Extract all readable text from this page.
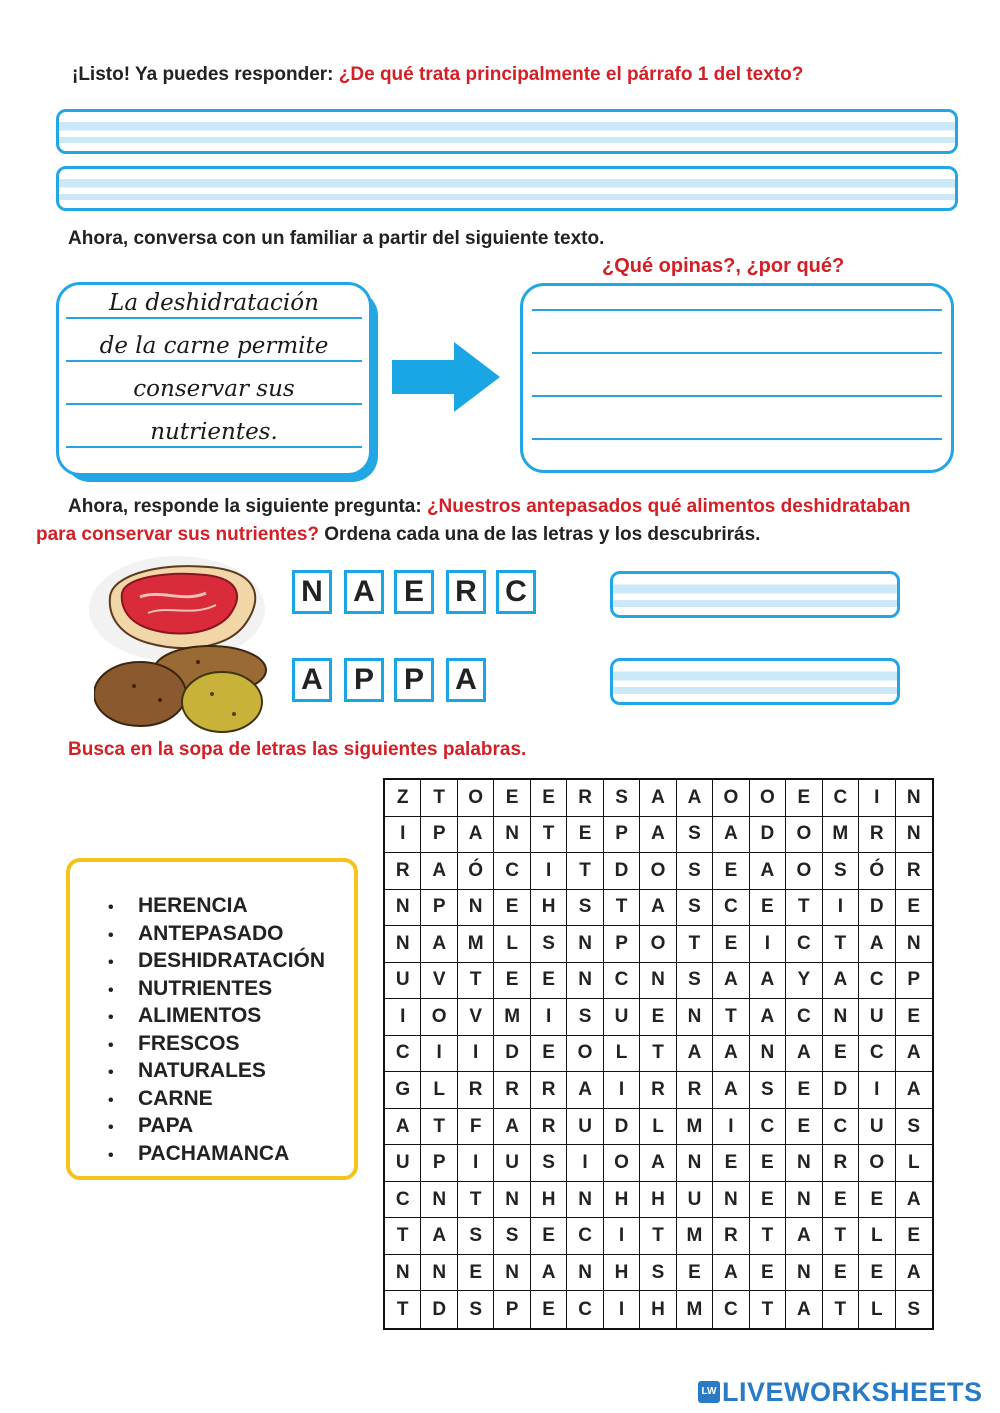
¡Listo! Ya puedes responder: ¿De qué trata principalmente el párrafo 1 del texto?
Ahora, conversa con un familiar a partir del siguiente texto.
¿Qué opinas?, ¿por qué?
La deshidratación
de la carne permite
conservar sus
nutrientes.
Ahora, responde la siguiente pregunta: ¿Nuestros antepasados qué alimentos deshidrataban
para conservar sus nutrientes? Ordena cada una de las letras y los descubrirás.
N	A E	R C
A	P P	A
Busca en la sopa de letras las siguientes palabras.
• HERENCIA
• ANTEPASADO
• DESHIDRATACIÓN
• NUTRIENTES
• ALIMENTOS
• FRESCOS
• NATURALES
• CARNE
• PAPA
• PACHAMANCA
Z	T	O	E	E	R	S	A	A	O	O	E	C	I	N
I	P	A	N	T	E	P	A	S	A	D	O	M	R	N
R	A	Ó	C	I	T	D	O	S	E	A	O	S	Ó	R
N	P	N	E	H	S	T	A	S	C	E	T	I	D	E
N	A	M	L	S	N	P	O	T	E	I	C	T	A	N
U	V	T	E	E	N	C	N	S	A	A	Y	A	C	P
I	O	V	M	I	S	U	E	N	T	A	C	N	U	E
C	I	I	D	E	O	L	T	A	A	N	A	E	C	A
G	L	R	R	R	A	I	R	R	A	S	E	D	I	A
A	T	F	A	R	U	D	L	M	I	C	E	C	U	S
U	P	I	U	S	I	O	A	N	E	E	N	R	O	L
C	N	T	N	H	N	H	H	U	N	E	N	E	E	A
T	A	S	S	E	C	I	T	M	R	T	A	T	L	E
N	N	E	N	A	N	H	S	E	A	E	N	E	E	A
T	D	S	P	E	C	I	H	M	C	T	A	T	L	S
LW LIVEWORKSHEETS
